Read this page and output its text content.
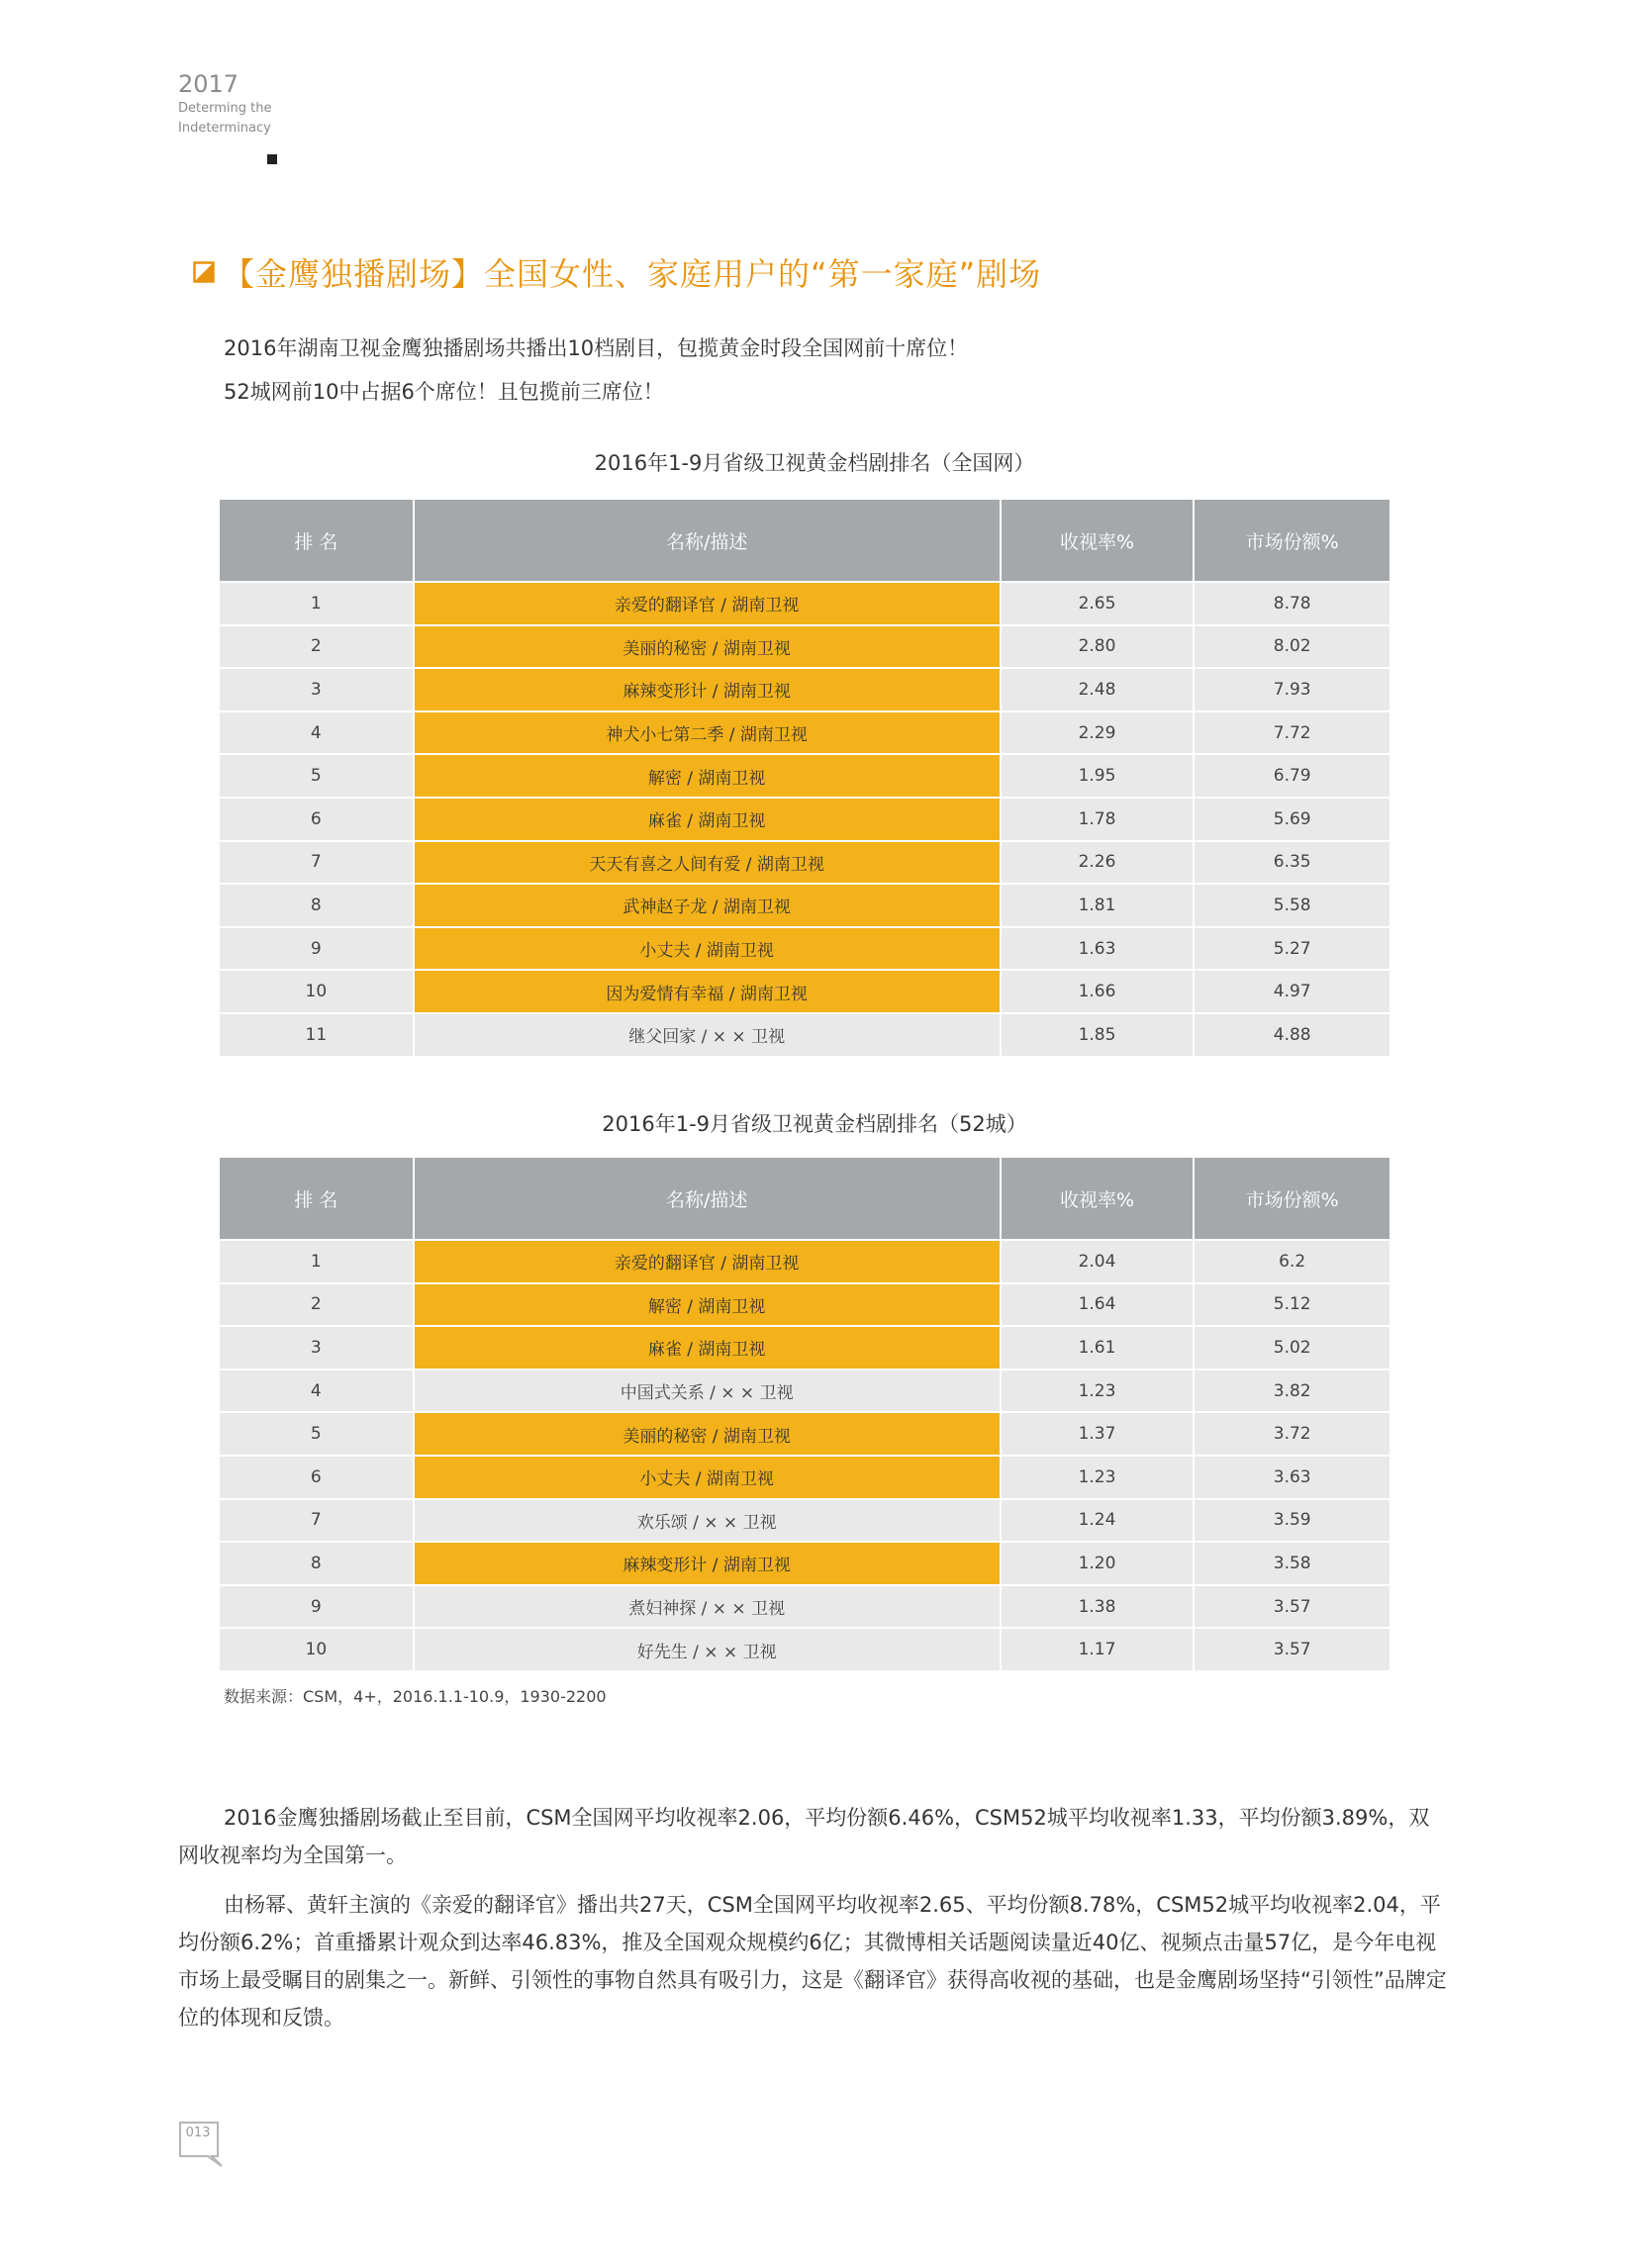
2017
Determing the
Indeterminacy
【金鹰独播剧场】全国女性、家庭用户的“第一家庭”剧场
2016年湖南卫视金鹰独播剧场共播出10档剧目，包揽黄金时段全国网前十席位！
52城网前10中占据6个席位！且包揽前三席位！
2016年1-9月省级卫视黄金档剧排名（全国网）
排 名	名称/描述	收视率%	市场份额%
1	亲爱的翻译官 / 湖南卫视	2.65	8.78
2	美丽的秘密 / 湖南卫视	2.80	8.02
3	麻辣变形计 / 湖南卫视	2.48	7.93
4	神犬小七第二季 / 湖南卫视	2.29	7.72
5	解密 / 湖南卫视	1.95	6.79
6	麻雀 / 湖南卫视	1.78	5.69
7	天天有喜之人间有爱 / 湖南卫视	2.26	6.35
8	武神赵子龙 / 湖南卫视	1.81	5.58
9	小丈夫 / 湖南卫视	1.63	5.27
10	因为爱情有幸福 / 湖南卫视	1.66	4.97
11	继父回家 / × × 卫视	1.85	4.88
2016年1-9月省级卫视黄金档剧排名（52城）
排 名	名称/描述	收视率%	市场份额%
1	亲爱的翻译官 / 湖南卫视	2.04	6.2
2	解密 / 湖南卫视	1.64	5.12
3	麻雀 / 湖南卫视	1.61	5.02
4	中国式关系 / × × 卫视	1.23	3.82
5	美丽的秘密 / 湖南卫视	1.37	3.72
6	小丈夫 / 湖南卫视	1.23	3.63
7	欢乐颂 / × × 卫视	1.24	3.59
8	麻辣变形计 / 湖南卫视	1.20	3.58
9	煮妇神探 / × × 卫视	1.38	3.57
10	好先生 / × × 卫视	1.17	3.57
数据来源：CSM，4+，2016.1.1-10.9，1930-2200
2016金鹰独播剧场截止至目前，CSM全国网平均收视率2.06，平均份额6.46%，CSM52城平均收视率1.33，平均份额3.89%，双网收视率均为全国第一。
由杨幂、黄轩主演的《亲爱的翻译官》播出共27天，CSM全国网平均收视率2.65、平均份额8.78%，CSM52城平均收视率2.04，平均份额6.2%；首重播累计观众到达率46.83%，推及全国观众规模约6亿；其微博相关话题阅读量近40亿、视频点击量57亿，是今年电视市场上最受瞩目的剧集之一。新鲜、引领性的事物自然具有吸引力，这是《翻译官》获得高收视的基础，也是金鹰剧场坚持“引领性”品牌定位的体现和反馈。
013
